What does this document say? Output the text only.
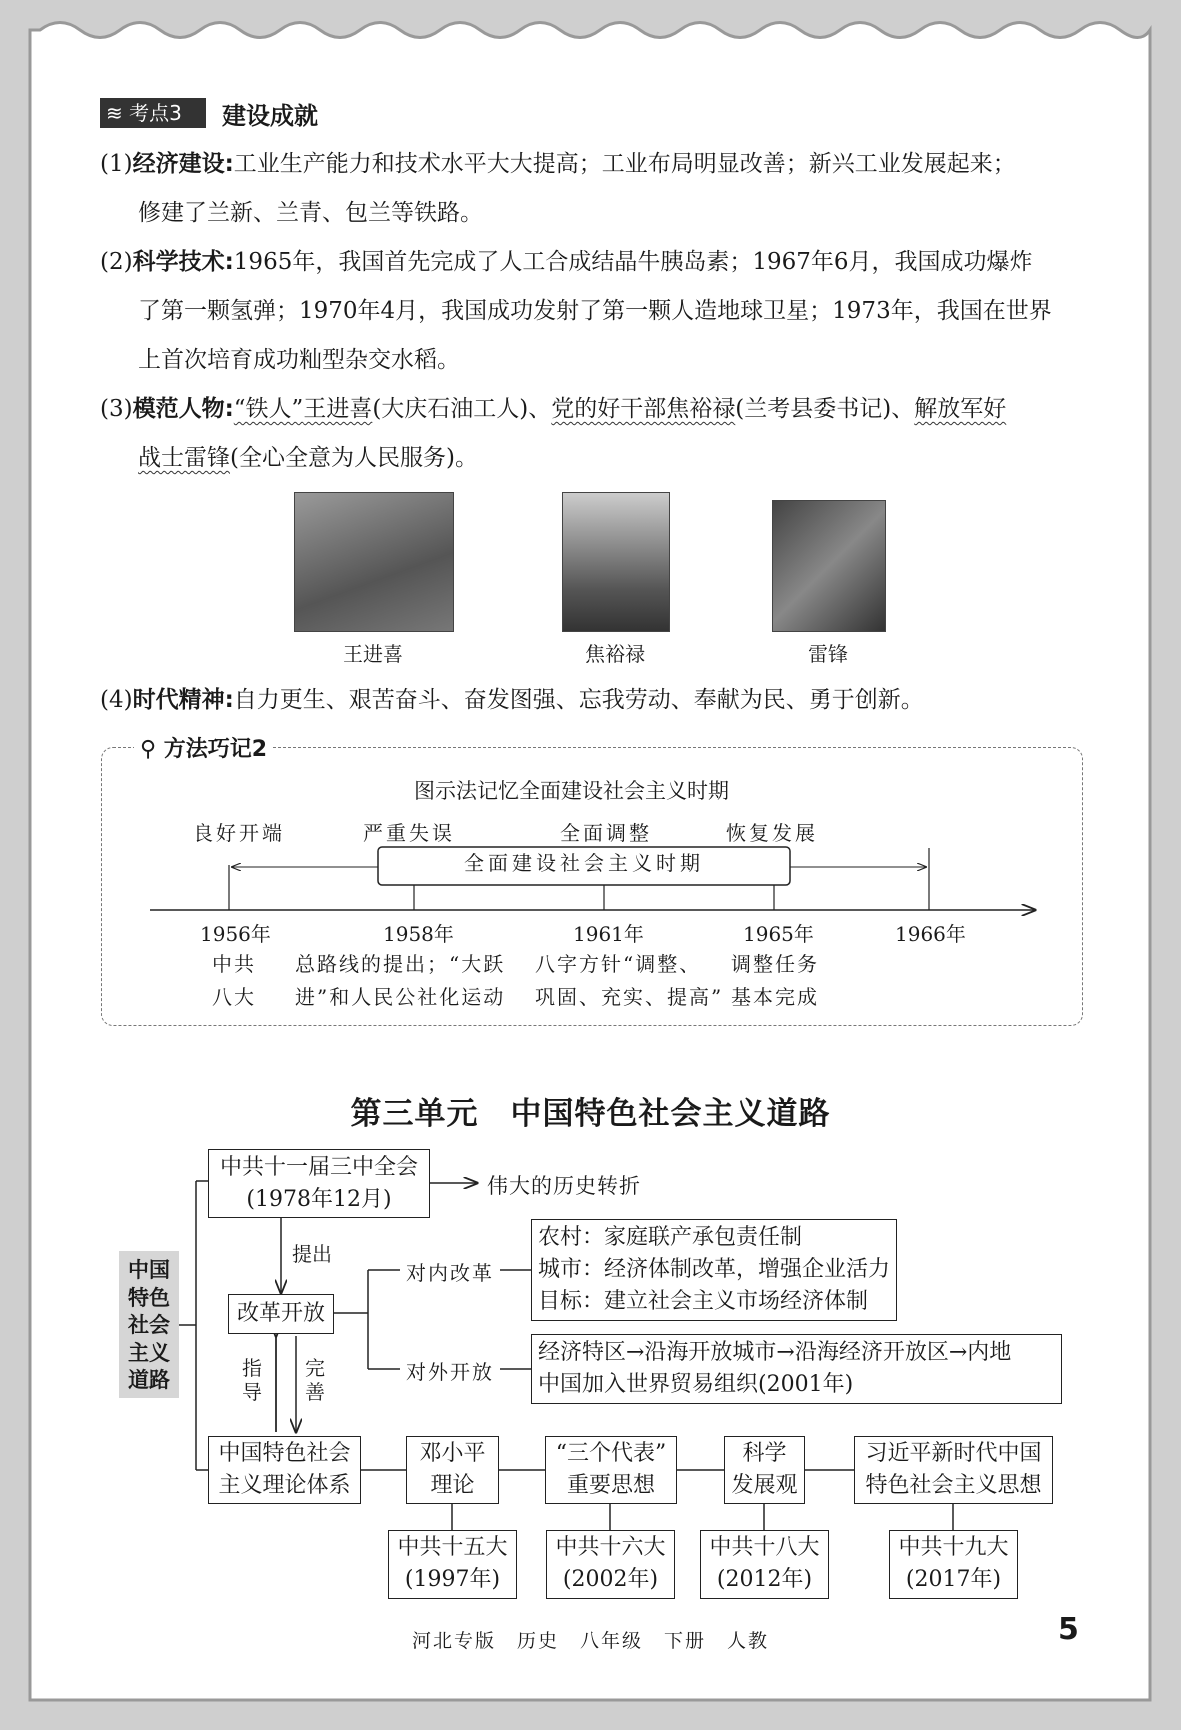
≋ 考点3	建设成就
(1)经济建设:工业生产能力和技术水平大大提高；工业布局明显改善；新兴工业发展起来；
修建了兰新、兰青、包兰等铁路。
(2)科学技术:1965年，我国首先完成了人工合成结晶牛胰岛素；1967年6月，我国成功爆炸
了第一颗氢弹；1970年4月，我国成功发射了第一颗人造地球卫星；1973年，我国在世界
上首次培育成功籼型杂交水稻。
(3)模范人物:“铁人”王进喜(大庆石油工人)、党的好干部焦裕禄(兰考县委书记)、解放军好
战士雷锋(全心全意为人民服务)。
王进喜	焦裕禄	雷锋
(4)时代精神:自力更生、艰苦奋斗、奋发图强、忘我劳动、奉献为民、勇于创新。
⚲ 方法巧记2
图示法记忆全面建设社会主义时期
良好开端	严重失误	全面调整	恢复发展
全面建设社会主义时期
1956年	1958年	1961年	1965年	1966年
中共
八大
总路线的提出；“大跃
进”和人民公社化运动
八字方针“调整、
巩固、充实、提高”
调整任务
基本完成
第三单元　中国特色社会主义道路
中国
特色
社会
主义
道路
中共十一届三中全会
(1978年12月)
伟大的历史转折
提出
改革开放
指导
完善
对内改革
农村：家庭联产承包责任制
城市：经济体制改革，增强企业活力
目标：建立社会主义市场经济体制
对外开放
经济特区→沿海开放城市→沿海经济开放区→内地
中国加入世界贸易组织(2001年)
中国特色社会
主义理论体系
邓小平
理论
“三个代表”
重要思想
科学
发展观
习近平新时代中国
特色社会主义思想
中共十五大
(1997年)
中共十六大
(2002年)
中共十八大
(2012年)
中共十九大
(2017年)
河北专版　历史　八年级　下册　人教	5
